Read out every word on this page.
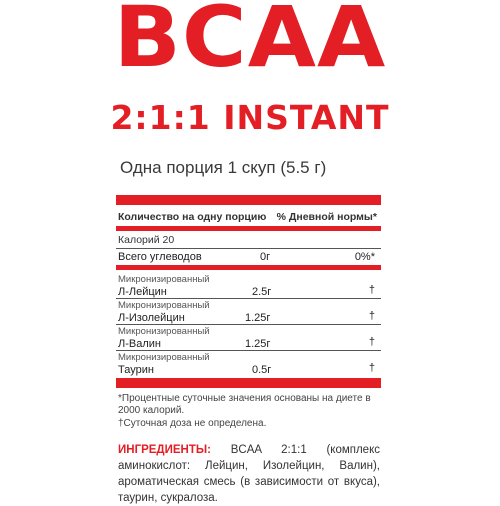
BCAA
2:1:1 INSTANT
Одна порция 1 скуп (5.5 г)
Количество на одну порцию % Дневной нормы*
Калорий 20
Всего углеводов	0г	0%*
Микронизированный
Л-Лейцин	2.5г	†
Микронизированный
Л-Изолейцин	1.25г	†
Микронизированный
Л-Валин	1.25г	†
Микронизированный
Таурин	0.5г	†
*Процентные суточные значения основаны на диете в 2000 калорий.
†Суточная доза не определена.
ИНГРЕДИЕНТЫ: BCAA 2:1:1 (комплекс аминокислот: Лейцин, Изолейцин, Валин), ароматическая смесь (в зависимости от вкуса), таурин, сукралоза.
